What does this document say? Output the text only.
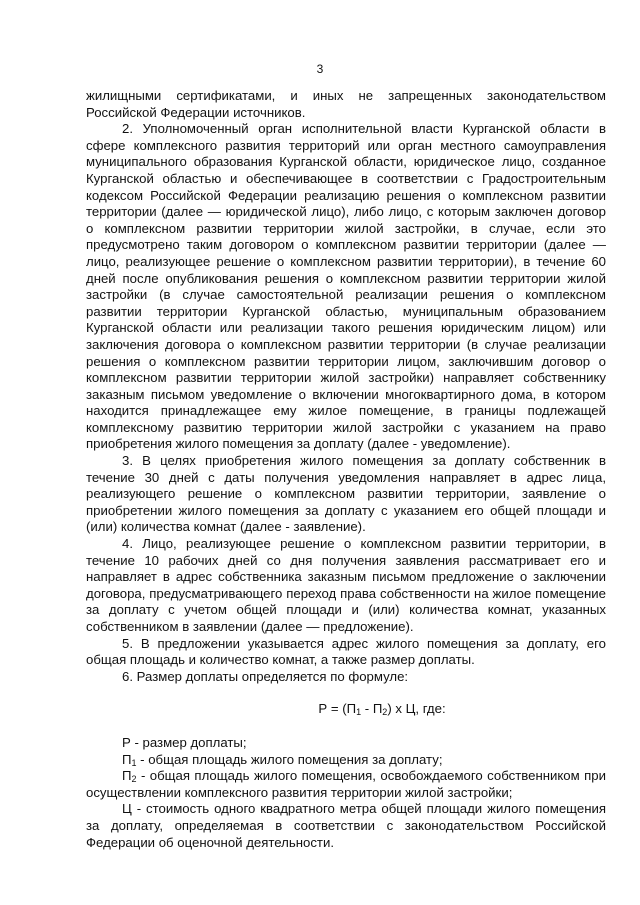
3

жилищными сертификатами, и иных не запрещенных законодательством Российской Федерации источников.

2. Уполномоченный орган исполнительной власти Курганской области в сфере комплексного развития территорий или орган местного самоуправления муниципального образования Курганской области, юридическое лицо, созданное Курганской областью и обеспечивающее в соответствии с Градостроительным кодексом Российской Федерации реализацию решения о комплексном развитии территории (далее — юридической лицо), либо лицо, с которым заключен договор о комплексном развитии территории жилой застройки, в случае, если это предусмотрено таким договором о комплексном развитии территории (далее — лицо, реализующее решение о комплексном развитии территории), в течение 60 дней после опубликования решения о комплексном развитии территории жилой застройки (в случае самостоятельной реализации решения о комплексном развитии территории Курганской областью, муниципальным образованием Курганской области или реализации такого решения юридическим лицом) или заключения договора о комплексном развитии территории (в случае реализации решения о комплексном развитии территории лицом, заключившим договор о комплексном развитии территории жилой застройки) направляет собственнику заказным письмом уведомление о включении многоквартирного дома, в котором находится принадлежащее ему жилое помещение, в границы подлежащей комплексному развитию территории жилой застройки с указанием на право приобретения жилого помещения за доплату (далее - уведомление).

3. В целях приобретения жилого помещения за доплату собственник в течение 30 дней с даты получения уведомления направляет в адрес лица, реализующего решение о комплексном развитии территории, заявление о приобретении жилого помещения за доплату с указанием его общей площади и (или) количества комнат (далее - заявление).

4. Лицо, реализующее решение о комплексном развитии территории, в течение 10 рабочих дней со дня получения заявления рассматривает его и направляет в адрес собственника заказным письмом предложение о заключении договора, предусматривающего переход права собственности на жилое помещение за доплату с учетом общей площади и (или) количества комнат, указанных собственником в заявлении (далее — предложение).

5. В предложении указывается адрес жилого помещения за доплату, его общая площадь и количество комнат, а также размер доплаты.

6. Размер доплаты определяется по формуле:

$Р = (П_1 - П_2)$ х Ц, где:

Р - размер доплаты;

$П_1$ - общая площадь жилого помещения за доплату;

$П_2$ - общая площадь жилого помещения, освобождаемого собственником при осуществлении комплексного развития территории жилой застройки;

Ц - стоимость одного квадратного метра общей площади жилого помещения за доплату, определяемая в соответствии с законодательством Российской Федерации об оценочной деятельности.
